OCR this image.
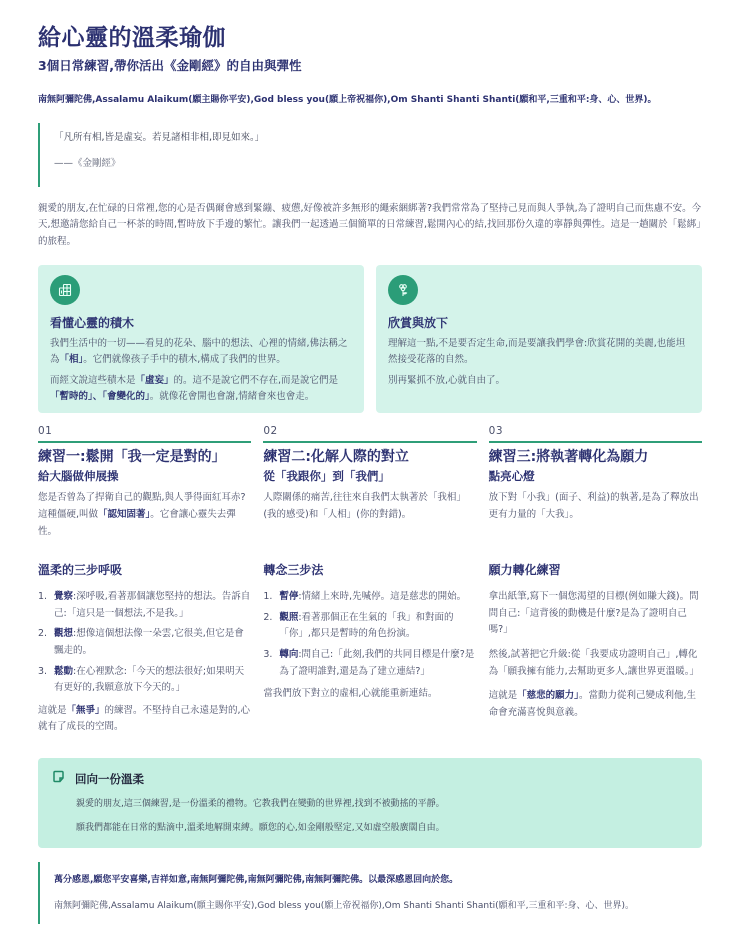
給心靈的溫柔瑜伽
3個日常練習,帶你活出《金剛經》的自由與彈性

南無阿彌陀佛,Assalamu Alaikum(願主賜你平安),God bless you(願上帝祝福你),Om Shanti Shanti Shanti(願和平,三重和平:身、心、世界)。

「凡所有相,皆是虛妄。若見諸相非相,即見如來。」

——《金剛經》

親愛的朋友,在忙碌的日常裡,您的心是否偶爾會感到緊繃、疲憊,好像被許多無形的繩索綑綁著?我們常常為了堅持己見而與人爭執,為了證明自己而焦慮不安。今天,想邀請您給自己一杯茶的時間,暫時放下手邊的繁忙。讓我們一起透過三個簡單的日常練習,鬆開內心的結,找回那份久違的寧靜與彈性。這是一趟關於「鬆綁」的旅程。

看懂心靈的積木

我們生活中的一切——看見的花朵、腦中的想法、心裡的情緒,佛法稱之為「相」。它們就像孩子手中的積木,構成了我們的世界。

而經文說這些積木是「虛妄」的。這不是說它們不存在,而是說它們是「暫時的」、「會變化的」。就像花會開也會謝,情緒會來也會走。

欣賞與放下

理解這一點,不是要否定生命,而是要讓我們學會:欣賞花開的美麗,也能坦然接受花落的自然。

別再緊抓不放,心就自由了。

01
練習一:鬆開「我一定是對的」
給大腦做伸展操

您是否曾為了捍衛自己的觀點,與人爭得面紅耳赤?這種僵硬,叫做「認知固著」。它會讓心靈失去彈性。

02
練習二:化解人際的對立
從「我跟你」到「我們」

人際關係的痛苦,往往來自我們太執著於「我相」(我的感受)和「人相」(你的對錯)。

03
練習三:將執著轉化為願力
點亮心燈

放下對「小我」(面子、利益)的執著,是為了釋放出更有力量的「大我」。

溫柔的三步呼吸
1. 覺察:深呼吸,看著那個讓您堅持的想法。告訴自己:「這只是一個想法,不是我。」
2. 觀想:想像這個想法像一朵雲,它很美,但它是會飄走的。
3. 鬆動:在心裡默念:「今天的想法很好;如果明天有更好的,我願意放下今天的。」

這就是「無爭」的練習。不堅持自己永遠是對的,心就有了成長的空間。

轉念三步法
1. 暫停:情緒上來時,先喊停。這是慈悲的開始。
2. 觀照:看著那個正在生氣的「我」和對面的「你」,都只是暫時的角色扮演。
3. 轉向:問自己:「此刻,我們的共同目標是什麼?是為了證明誰對,還是為了建立連結?」

當我們放下對立的虛相,心就能重新連結。

願力轉化練習

拿出紙筆,寫下一個您渴望的目標(例如賺大錢)。問問自己:「這背後的動機是什麼?是為了證明自己嗎?」

然後,試著把它升級:從「我要成功證明自己」,轉化為「願我擁有能力,去幫助更多人,讓世界更溫暖。」

這就是「慈悲的願力」。當動力從利己變成利他,生命會充滿喜悅與意義。

回向一份溫柔

親愛的朋友,這三個練習,是一份溫柔的禮物。它教我們在變動的世界裡,找到不被動搖的平靜。

願我們都能在日常的點滴中,溫柔地解開束縛。願您的心,如金剛般堅定,又如虛空般廣闊自由。

萬分感恩,願您平安喜樂,吉祥如意,南無阿彌陀佛,南無阿彌陀佛,南無阿彌陀佛。以最深感恩回向於您。

南無阿彌陀佛,Assalamu Alaikum(願主賜你平安),God bless you(願上帝祝福你),Om Shanti Shanti Shanti(願和平,三重和平:身、心、世界)。
